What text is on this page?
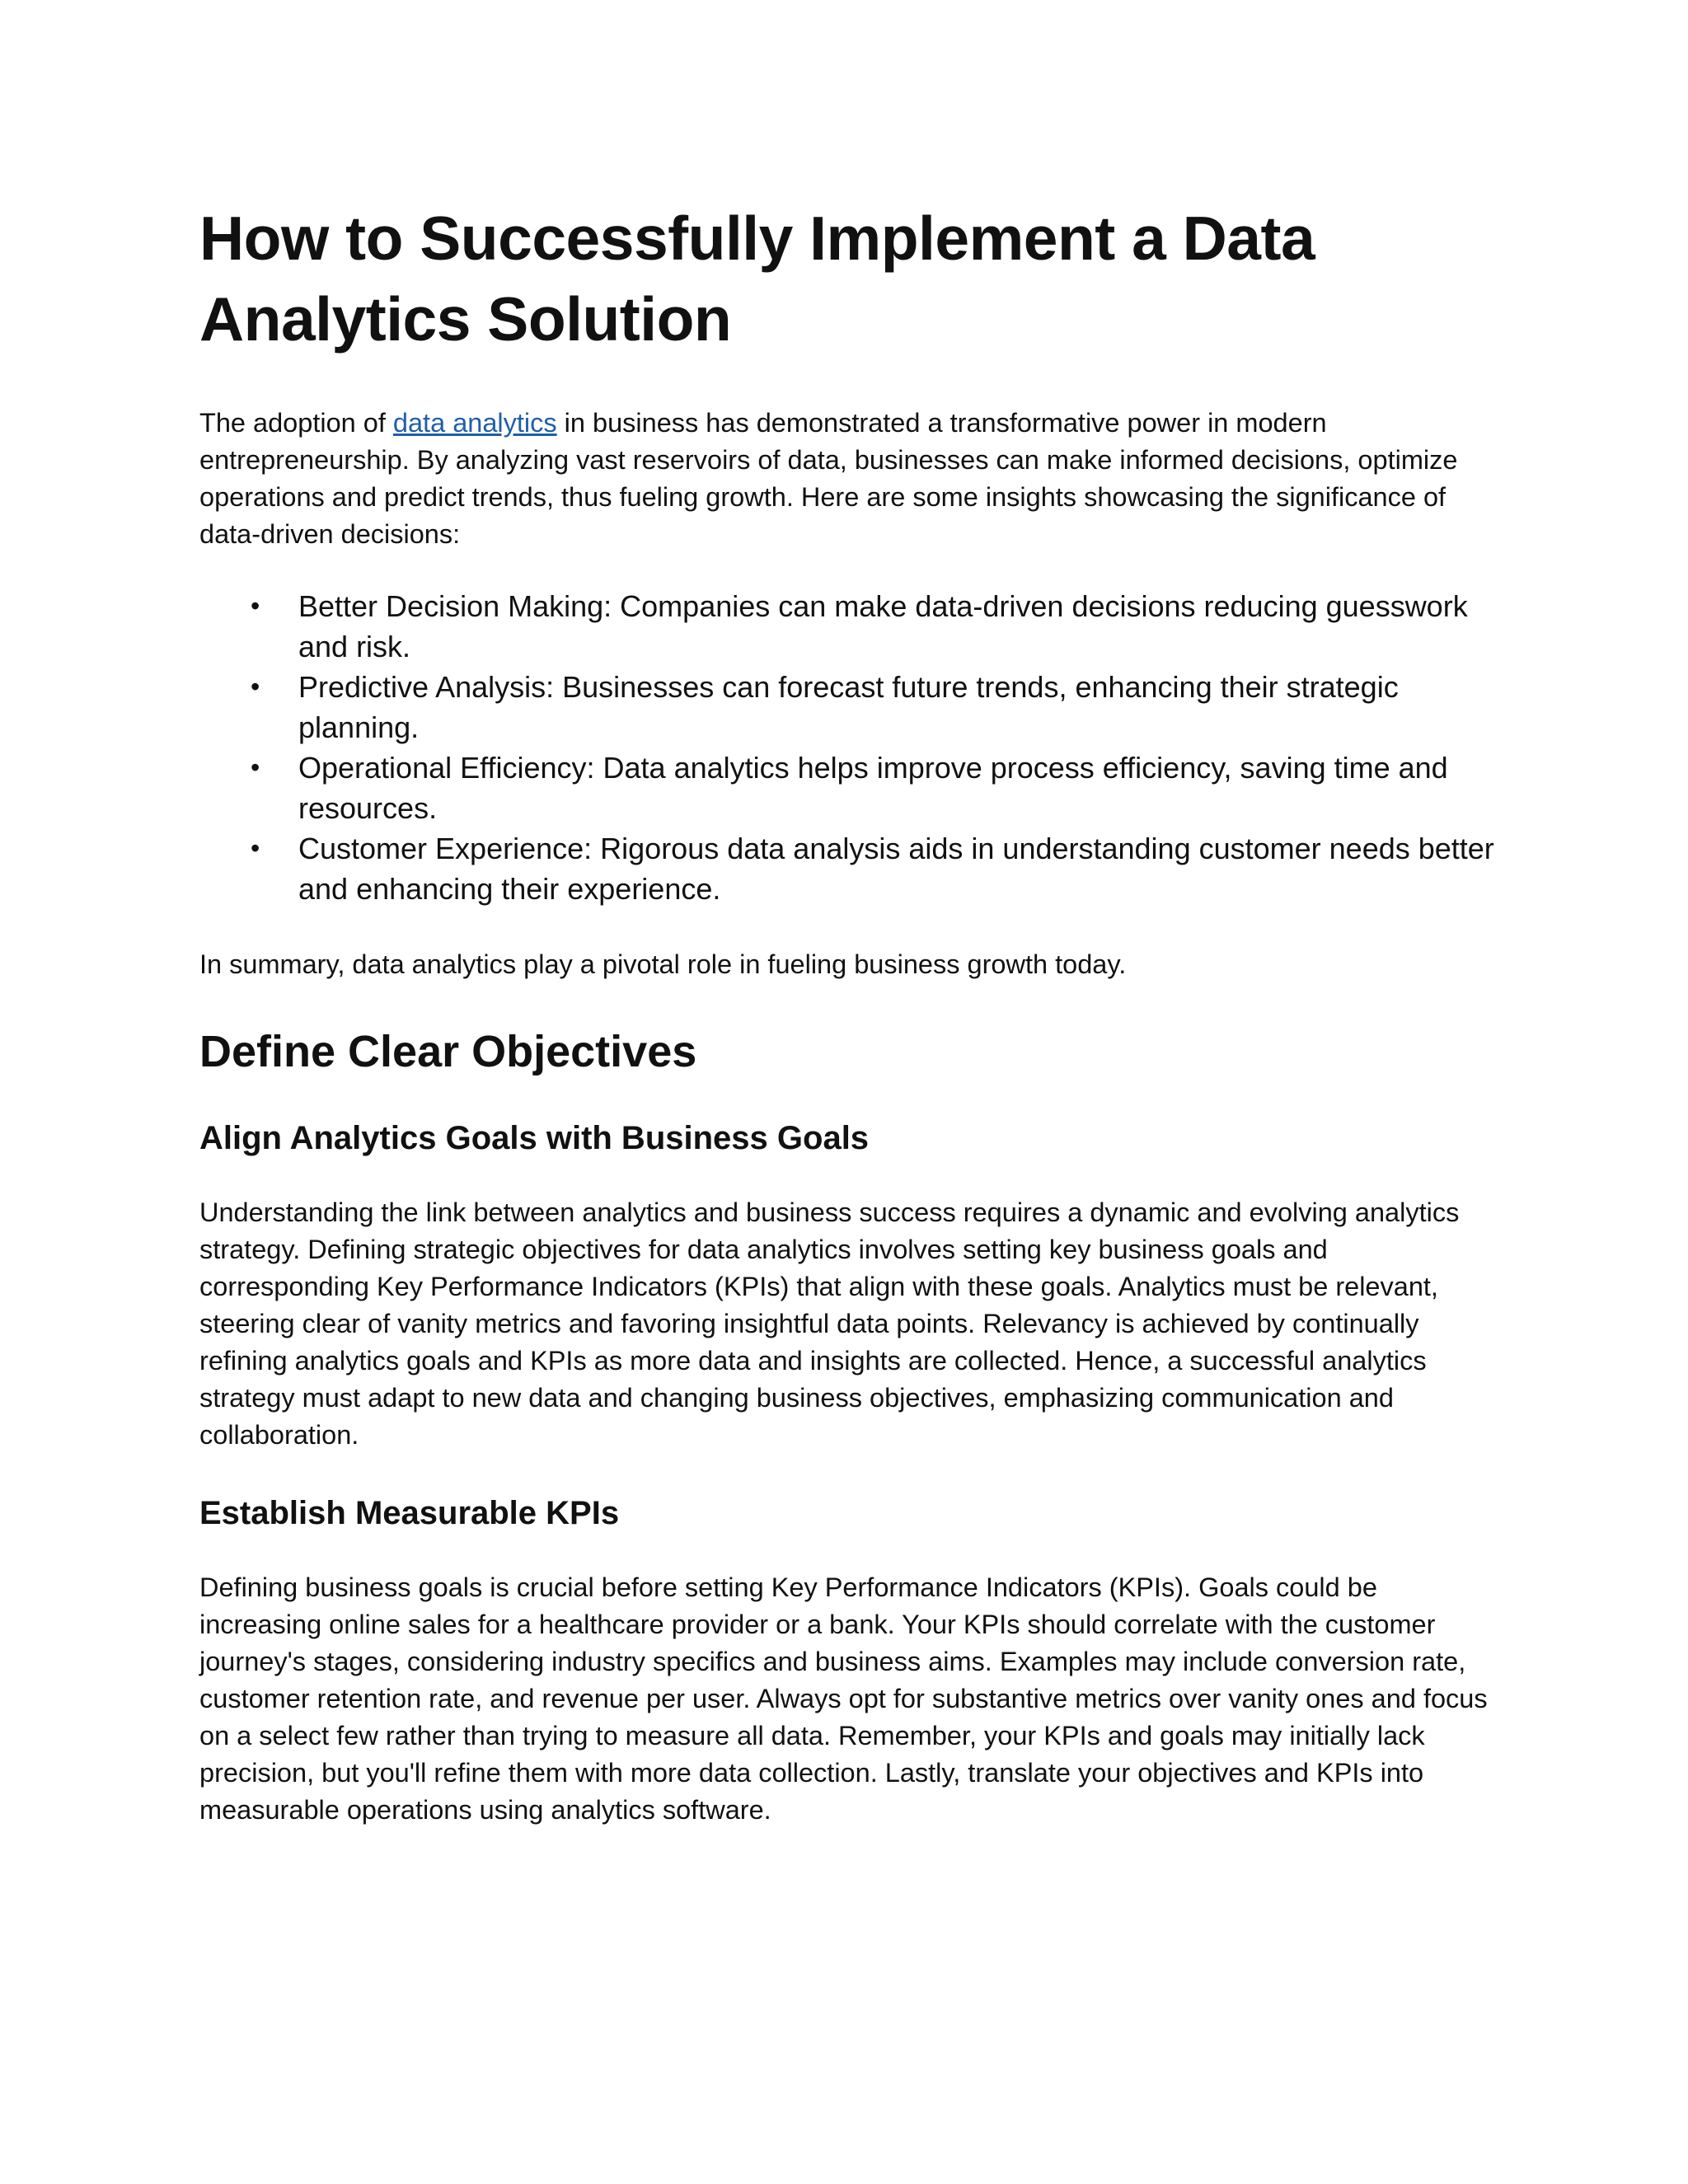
How to Successfully Implement a Data Analytics Solution

The adoption of data analytics in business has demonstrated a transformative power in modern entrepreneurship. By analyzing vast reservoirs of data, businesses can make informed decisions, optimize operations and predict trends, thus fueling growth. Here are some insights showcasing the significance of data-driven decisions:

• Better Decision Making: Companies can make data-driven decisions reducing guesswork and risk.
• Predictive Analysis: Businesses can forecast future trends, enhancing their strategic planning.
• Operational Efficiency: Data analytics helps improve process efficiency, saving time and resources.
• Customer Experience: Rigorous data analysis aids in understanding customer needs better and enhancing their experience.

In summary, data analytics play a pivotal role in fueling business growth today.

Define Clear Objectives
Align Analytics Goals with Business Goals

Understanding the link between analytics and business success requires a dynamic and evolving analytics strategy. Defining strategic objectives for data analytics involves setting key business goals and corresponding Key Performance Indicators (KPIs) that align with these goals. Analytics must be relevant, steering clear of vanity metrics and favoring insightful data points. Relevancy is achieved by continually refining analytics goals and KPIs as more data and insights are collected. Hence, a successful analytics strategy must adapt to new data and changing business objectives, emphasizing communication and collaboration.

Establish Measurable KPIs

Defining business goals is crucial before setting Key Performance Indicators (KPIs). Goals could be increasing online sales for a healthcare provider or a bank. Your KPIs should correlate with the customer journey's stages, considering industry specifics and business aims. Examples may include conversion rate, customer retention rate, and revenue per user. Always opt for substantive metrics over vanity ones and focus on a select few rather than trying to measure all data. Remember, your KPIs and goals may initially lack precision, but you'll refine them with more data collection. Lastly, translate your objectives and KPIs into measurable operations using analytics software.
